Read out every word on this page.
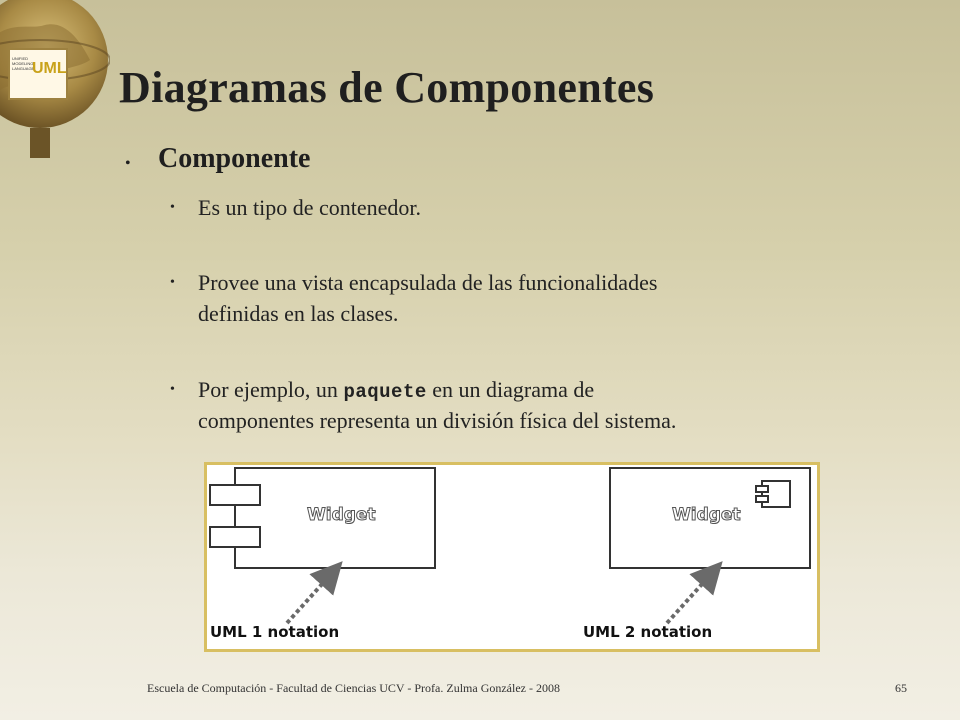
UNIFIED
MODELING
LANGUAGE
UML Diagramas de Componentes
• Componente
• Es un tipo de contenedor.
• Provee una vista encapsulada de las funcionalidades
definidas en las clases.
• Por ejemplo, un paquete en un diagrama de
componentes representa un división física del sistema.
Widget	Widget
UML 1 notation	UML 2 notation
Escuela de Computación - Facultad de Ciencias UCV - Profa. Zulma González - 2008	65
